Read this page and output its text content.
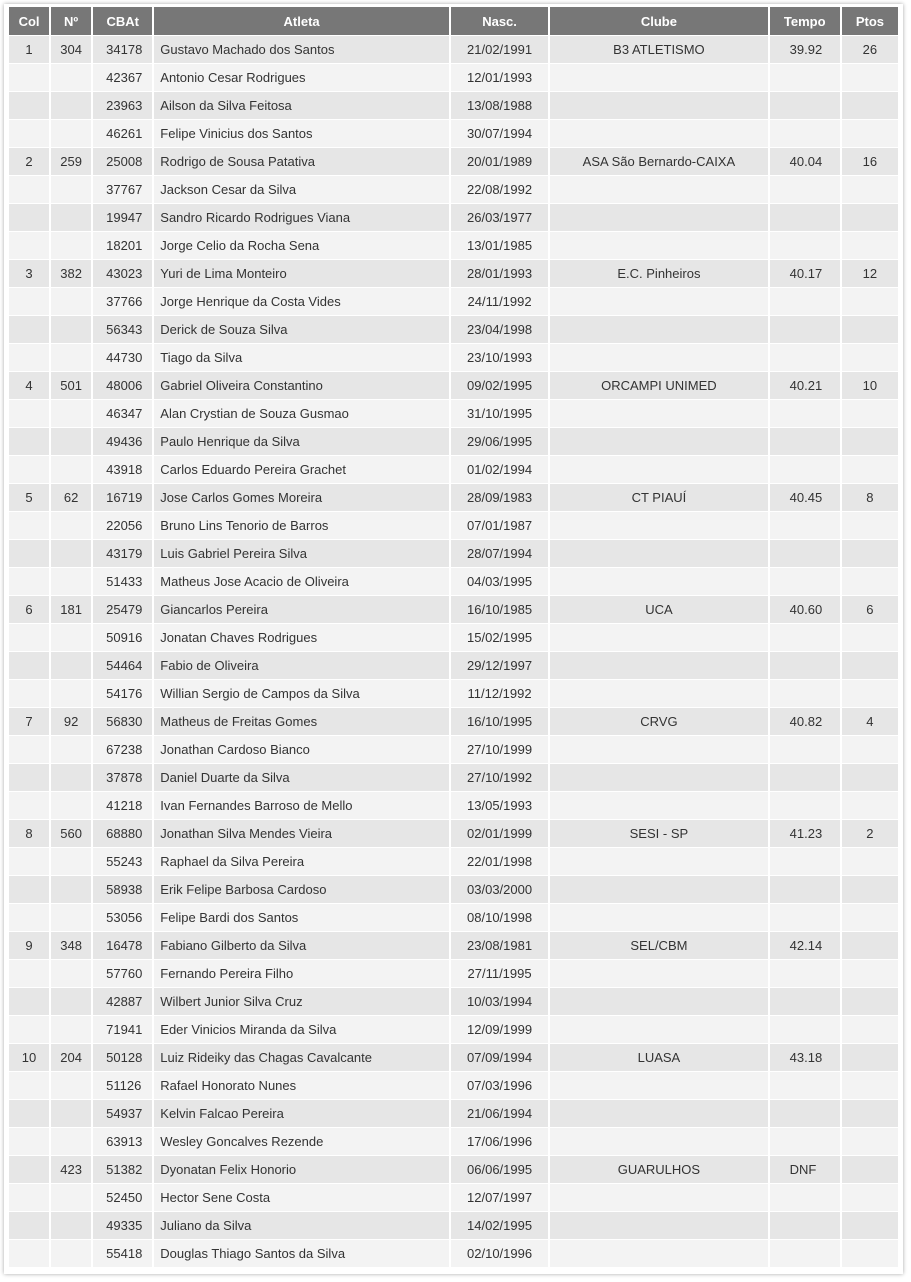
Col	Nº	CBAt	Atleta	Nasc.	Clube	Tempo	Ptos
1	304	34178	Gustavo Machado dos Santos	21/02/1991	B3 ATLETISMO	39.92	26
		42367	Antonio Cesar Rodrigues	12/01/1993			
		23963	Ailson da Silva Feitosa	13/08/1988			
		46261	Felipe Vinicius dos Santos	30/07/1994			
2	259	25008	Rodrigo de Sousa Patativa	20/01/1989	ASA São Bernardo-CAIXA	40.04	16
		37767	Jackson Cesar da Silva	22/08/1992			
		19947	Sandro Ricardo Rodrigues Viana	26/03/1977			
		18201	Jorge Celio da Rocha Sena	13/01/1985			
3	382	43023	Yuri de Lima Monteiro	28/01/1993	E.C. Pinheiros	40.17	12
		37766	Jorge Henrique da Costa Vides	24/11/1992			
		56343	Derick de Souza Silva	23/04/1998			
		44730	Tiago da Silva	23/10/1993			
4	501	48006	Gabriel Oliveira Constantino	09/02/1995	ORCAMPI UNIMED	40.21	10
		46347	Alan Crystian de Souza Gusmao	31/10/1995			
		49436	Paulo Henrique da Silva	29/06/1995			
		43918	Carlos Eduardo Pereira Grachet	01/02/1994			
5	62	16719	Jose Carlos Gomes Moreira	28/09/1983	CT PIAUÍ	40.45	8
		22056	Bruno Lins Tenorio de Barros	07/01/1987			
		43179	Luis Gabriel Pereira Silva	28/07/1994			
		51433	Matheus Jose Acacio de Oliveira	04/03/1995			
6	181	25479	Giancarlos Pereira	16/10/1985	UCA	40.60	6
		50916	Jonatan Chaves Rodrigues	15/02/1995			
		54464	Fabio de Oliveira	29/12/1997			
		54176	Willian Sergio de Campos da Silva	11/12/1992			
7	92	56830	Matheus de Freitas Gomes	16/10/1995	CRVG	40.82	4
		67238	Jonathan Cardoso Bianco	27/10/1999			
		37878	Daniel Duarte da Silva	27/10/1992			
		41218	Ivan Fernandes Barroso de Mello	13/05/1993			
8	560	68880	Jonathan Silva Mendes Vieira	02/01/1999	SESI - SP	41.23	2
		55243	Raphael da Silva Pereira	22/01/1998			
		58938	Erik Felipe Barbosa Cardoso	03/03/2000			
		53056	Felipe Bardi dos Santos	08/10/1998			
9	348	16478	Fabiano Gilberto da Silva	23/08/1981	SEL/CBM	42.14	
		57760	Fernando Pereira Filho	27/11/1995			
		42887	Wilbert Junior Silva Cruz	10/03/1994			
		71941	Eder Vinicios Miranda da Silva	12/09/1999			
10	204	50128	Luiz Rideiky das Chagas Cavalcante	07/09/1994	LUASA	43.18	
		51126	Rafael Honorato Nunes	07/03/1996			
		54937	Kelvin Falcao Pereira	21/06/1994			
		63913	Wesley Goncalves Rezende	17/06/1996			
	423	51382	Dyonatan Felix Honorio	06/06/1995	GUARULHOS	DNF	
		52450	Hector Sene Costa	12/07/1997			
		49335	Juliano da Silva	14/02/1995			
		55418	Douglas Thiago Santos da Silva	02/10/1996			
